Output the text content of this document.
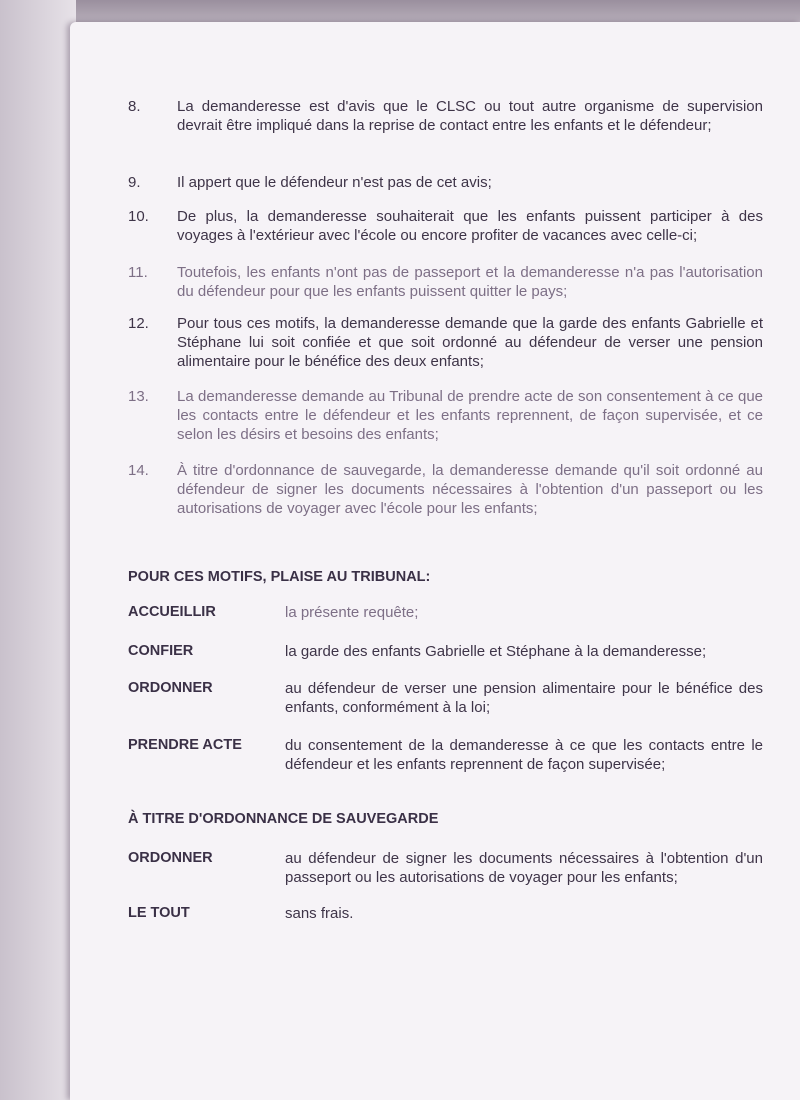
8.	La demanderesse est d'avis que le CLSC ou tout autre organisme de supervision devrait être impliqué dans la reprise de contact entre les enfants et le défendeur;
9.	Il appert que le défendeur n'est pas de cet avis;
10.	De plus, la demanderesse souhaiterait que les enfants puissent participer à des voyages à l'extérieur avec l'école ou encore profiter de vacances avec celle-ci;
11.	Toutefois, les enfants n'ont pas de passeport et la demanderesse n'a pas l'autorisation du défendeur pour que les enfants puissent quitter le pays;
12.	Pour tous ces motifs, la demanderesse demande que la garde des enfants Gabrielle et Stéphane lui soit confiée et que soit ordonné au défendeur de verser une pension alimentaire pour le bénéfice des deux enfants;
13.	La demanderesse demande au Tribunal de prendre acte de son consentement à ce que les contacts entre le défendeur et les enfants reprennent, de façon supervisée, et ce selon les désirs et besoins des enfants;
14.	À titre d'ordonnance de sauvegarde, la demanderesse demande qu'il soit ordonné au défendeur de signer les documents nécessaires à l'obtention d'un passeport ou les autorisations de voyager avec l'école pour les enfants;
POUR CES MOTIFS, PLAISE AU TRIBUNAL:
ACCUEILLIR	la présente requête;
CONFIER	la garde des enfants Gabrielle et Stéphane à la demanderesse;
ORDONNER	au défendeur de verser une pension alimentaire pour le bénéfice des enfants, conformément à la loi;
PRENDRE ACTE	du consentement de la demanderesse à ce que les contacts entre le défendeur et les enfants reprennent de façon supervisée;
À TITRE D'ORDONNANCE DE SAUVEGARDE
ORDONNER	au défendeur de signer les documents nécessaires à l'obtention d'un passeport ou les autorisations de voyager pour les enfants;
LE TOUT	sans frais.
